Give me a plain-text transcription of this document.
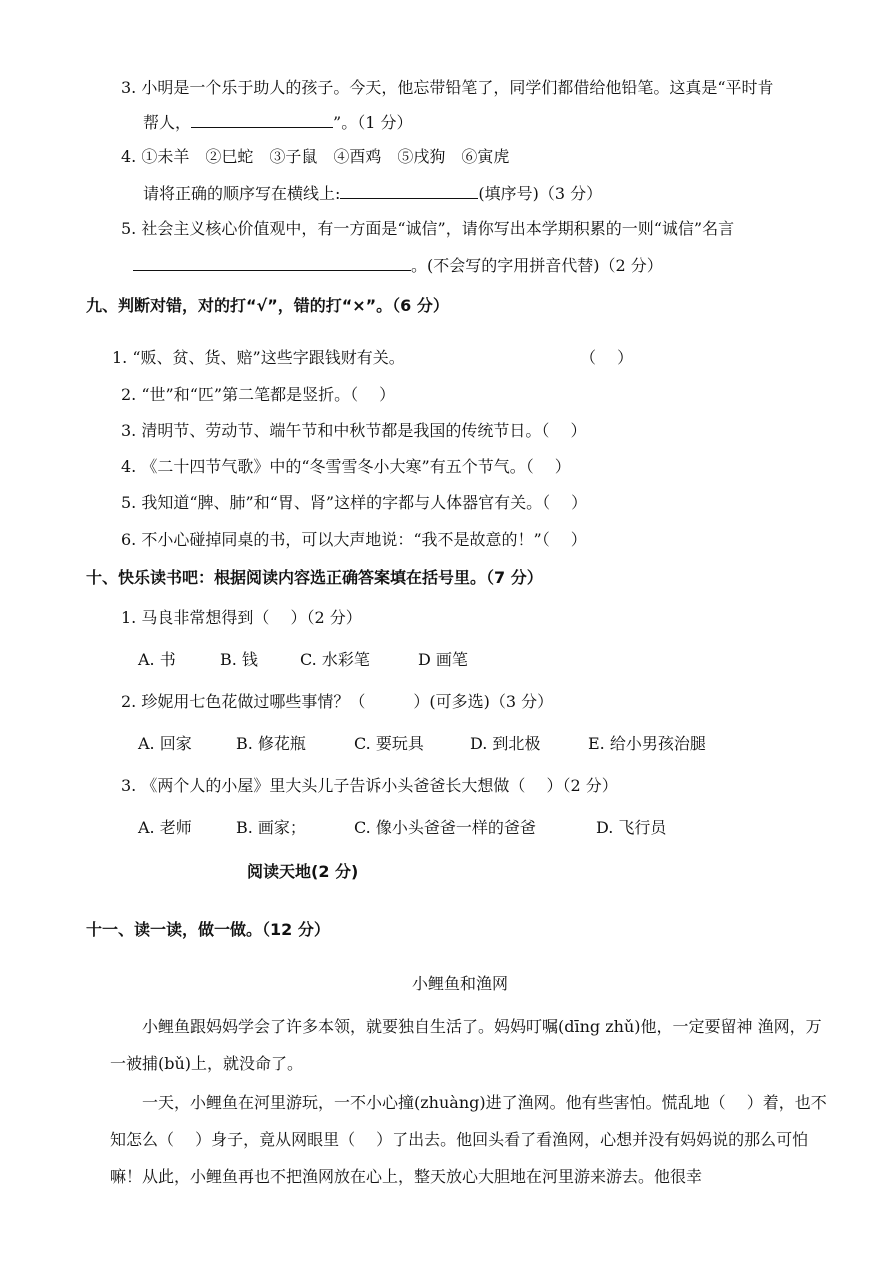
3. 小明是一个乐于助人的孩子。今天，他忘带铅笔了，同学们都借给他铅笔。这真是“平时肯
帮人，	”。（1 分）
4. ①未羊　②巳蛇　③子鼠　④酉鸡　⑤戌狗　⑥寅虎
请将正确的顺序写在横线上:	(填序号)（3 分）
5. 社会主义核心价值观中，有一方面是“诚信”，请你写出本学期积累的一则“诚信”名言
。(不会写的字用拼音代替)（2 分）
九、判断对错，对的打“√”，错的打“×”。（6 分）
1. “贩、贫、货、赔”这些字跟钱财有关。	（　 ）
2. “世”和“匹”第二笔都是竖折。（　 ）
3. 清明节、劳动节、端午节和中秋节都是我国的传统节日。（　 ）
4. 《二十四节气歌》中的“冬雪雪冬小大寒”有五个节气。（　 ）
5. 我知道“脾、肺”和“胃、肾”这样的字都与人体器官有关。（　 ）
6. 不小心碰掉同桌的书，可以大声地说：“我不是故意的！”（　 ）
十、快乐读书吧：根据阅读内容选正确答案填在括号里。（7 分）
1. 马良非常想得到（　 ）（2 分）
A. 书	B. 钱	C. 水彩笔	D 画笔
2. 珍妮用七色花做过哪些事情？（　　　）(可多选)（3 分）
A. 回家	B. 修花瓶	C. 要玩具	D. 到北极	E. 给小男孩治腿
3. 《两个人的小屋》里大头儿子告诉小头爸爸长大想做（　 ）（2 分）
A. 老师	B. 画家；	C. 像小头爸爸一样的爸爸	D. 飞行员
阅读天地(2 分)
十一、读一读，做一做。（12 分）
小鲤鱼和渔网
小鲤鱼跟妈妈学会了许多本领，就要独自生活了。妈妈叮嘱(dīng zhǔ)他，一定要留神 渔网，万一被捕(bǔ)上，就没命了。
一天，小鲤鱼在河里游玩，一不小心撞(zhuàng)进了渔网。他有些害怕。慌乱地（　 ）着，也不知怎么（　 ）身子，竟从网眼里（　 ）了出去。他回头看了看渔网，心想并没有妈妈说的那么可怕嘛！从此，小鲤鱼再也不把渔网放在心上，整天放心大胆地在河里游来游去。他很幸
